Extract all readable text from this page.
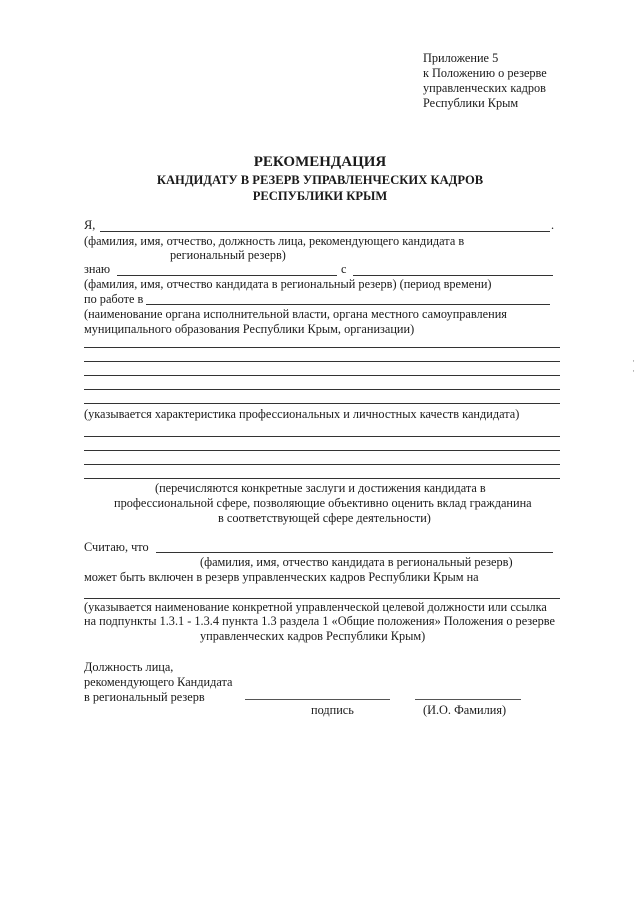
Приложение 5
к Положению о резерве
управленческих кадров
Республики Крым
РЕКОМЕНДАЦИЯ
КАНДИДАТУ В РЕЗЕРВ УПРАВЛЕНЧЕСКИХ КАДРОВ
РЕСПУБЛИКИ КРЫМ
Я,	.
(фамилия, имя, отчество, должность лица, рекомендующего кандидата в
региональный резерв)
знаю	с
(фамилия, имя, отчество кандидата в региональный резерв) (период времени)
по работе в
(наименование органа исполнительной власти, органа местного самоуправления
муниципального образования Республики Крым, организации)
(указывается характеристика профессиональных и личностных качеств кандидата)
(перечисляются конкретные заслуги и достижения кандидата в
профессиональной сфере, позволяющие объективно оценить вклад гражданина
в соответствующей сфере деятельности)
Считаю, что
(фамилия, имя, отчество кандидата в региональный резерв)
может быть включен в резерв управленческих кадров Республики Крым на
(указывается наименование конкретной управленческой целевой должности или ссылка
на подпункты 1.3.1 - 1.3.4 пункта 1.3 раздела 1 «Общие положения» Положения о резерве
управленческих кадров Республики Крым)
Должность лица,
рекомендующего Кандидата
в региональный резерв
подпись	(И.О. Фамилия)
·
·
